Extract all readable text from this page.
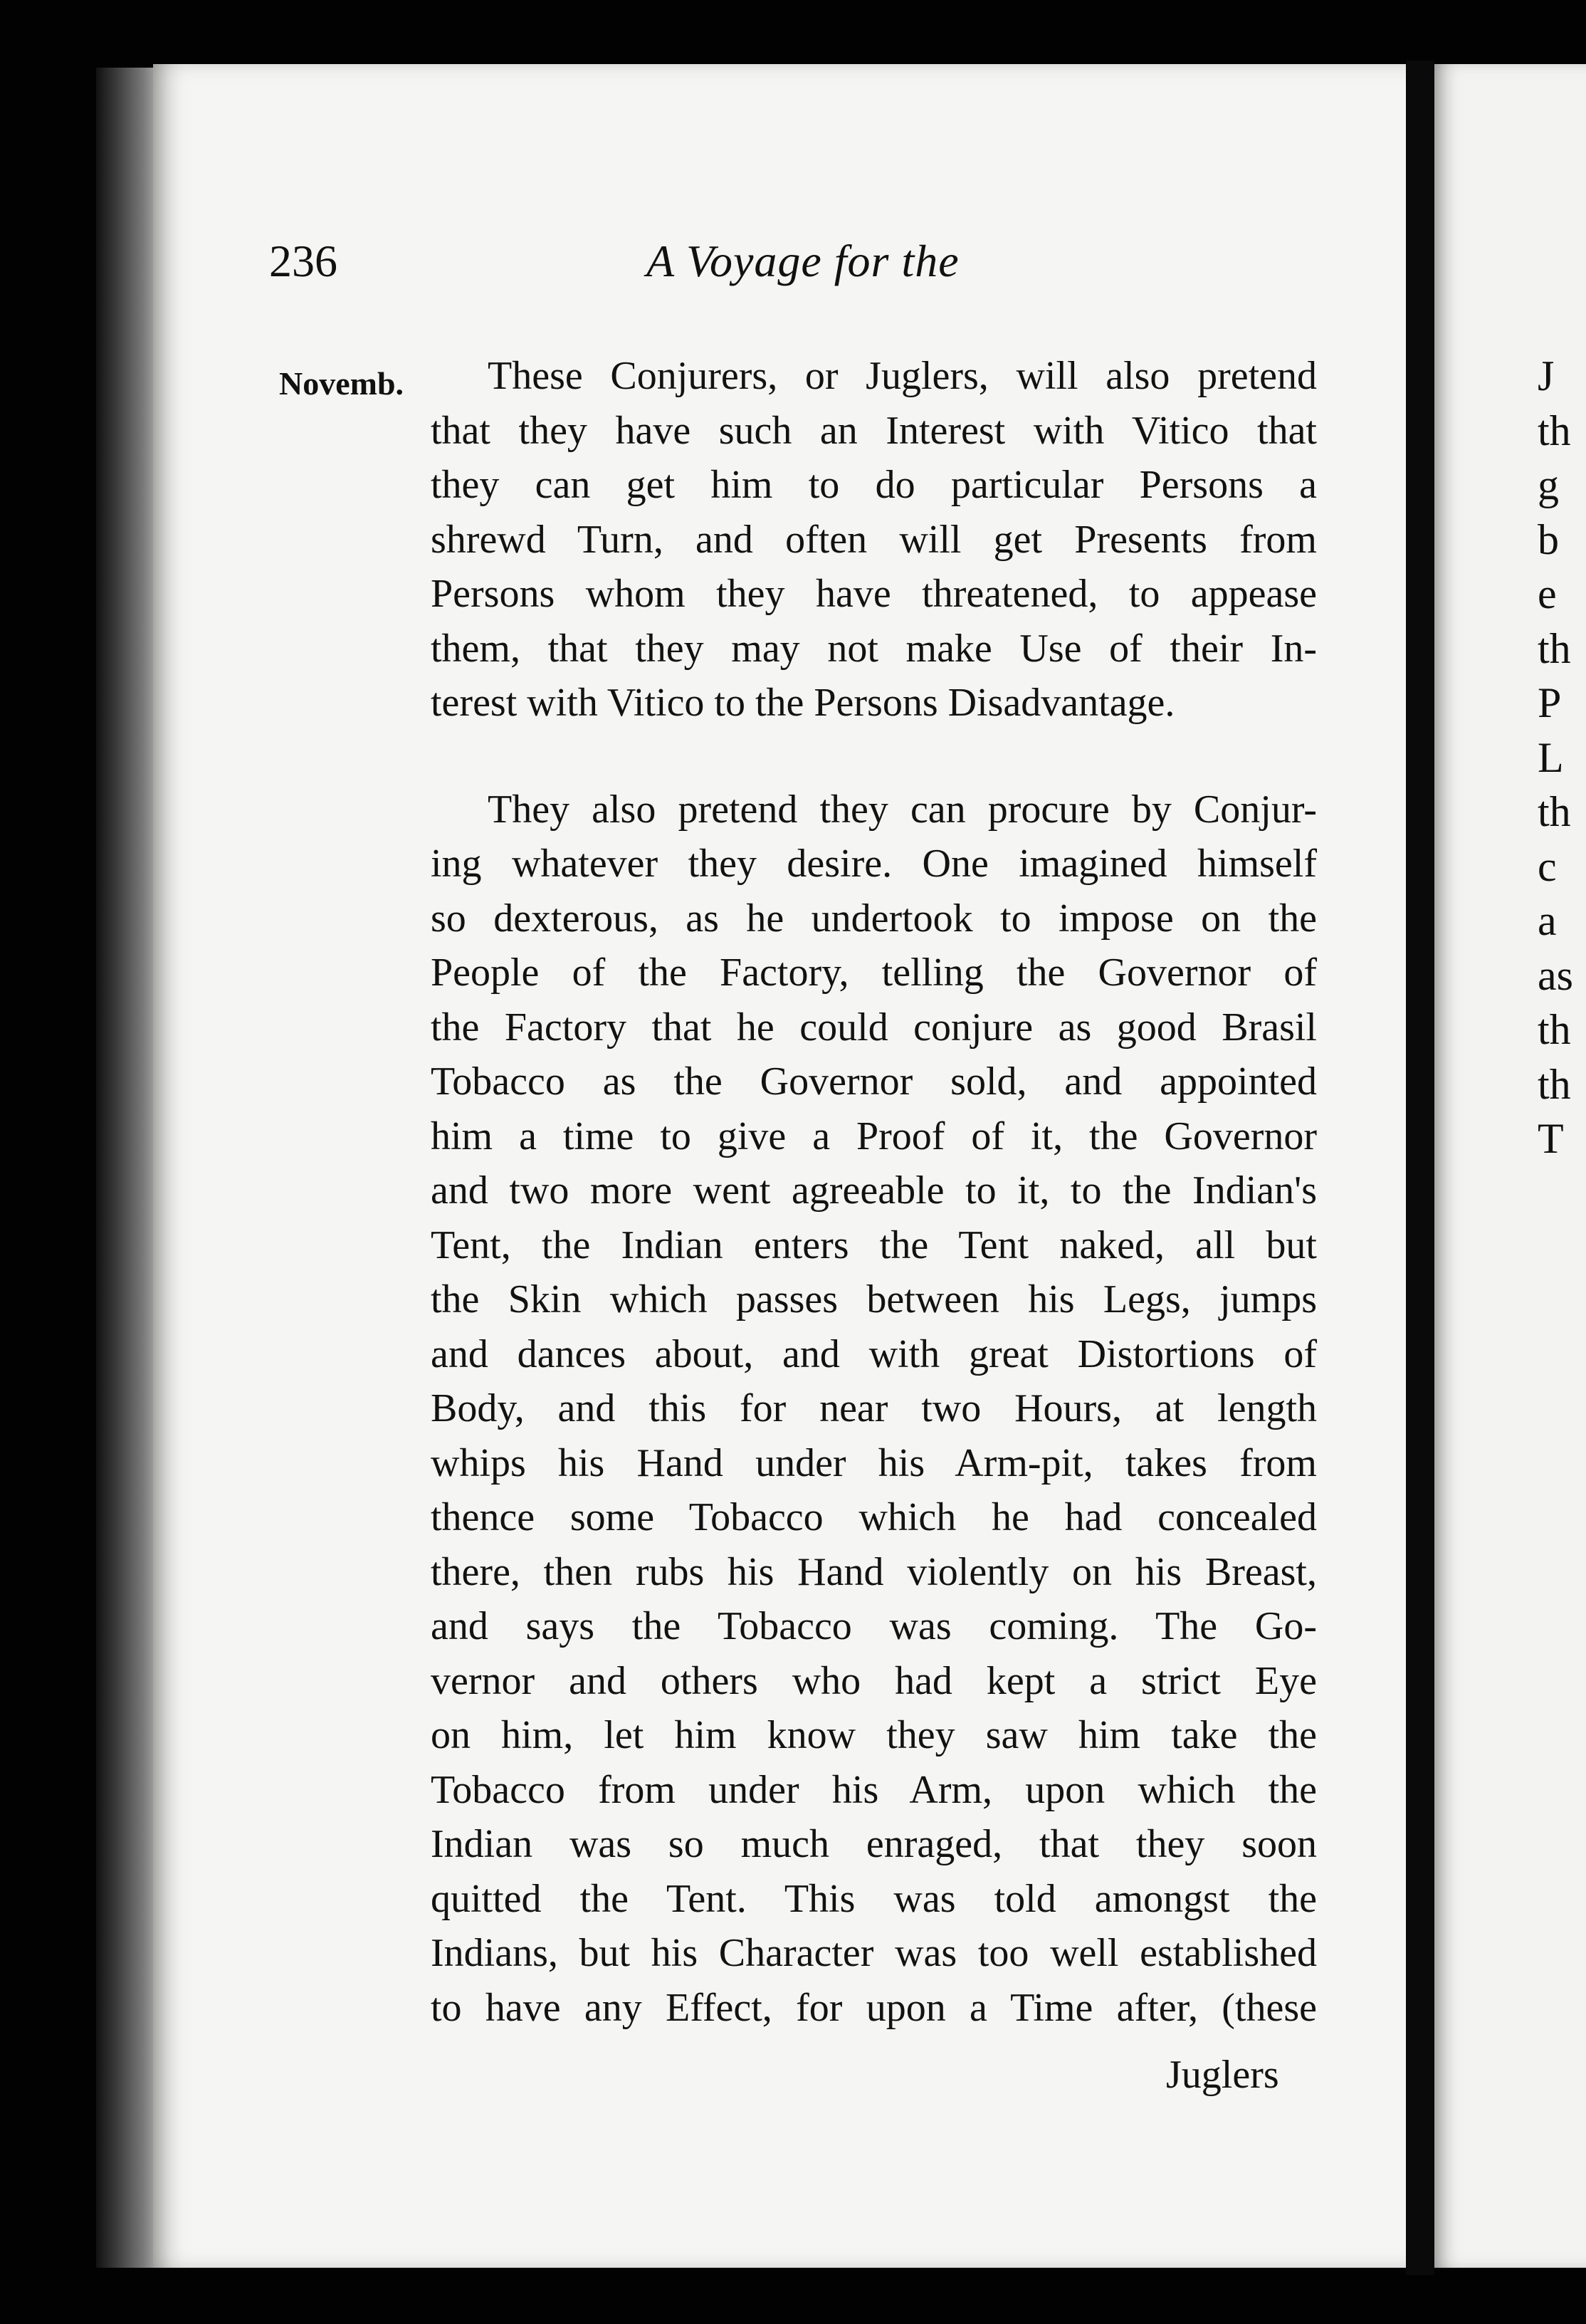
236	A Voyage for the
Novemb.	These Conjurers, or Juglers, will also pretend
that they have such an Interest with Vitico that
they can get him to do particular Persons a
shrewd Turn, and often will get Presents from
Persons whom they have threatened, to appease
them, that they may not make Use of their In-
terest with Vitico to the Persons Disadvantage.
They also pretend they can procure by Conjur-
ing whatever they desire. One imagined himself
so dexterous, as he undertook to impose on the
People of the Factory, telling the Governor of
the Factory that he could conjure as good Brasil
Tobacco as the Governor sold, and appointed
him a time to give a Proof of it, the Governor
and two more went agreeable to it, to the Indian's
Tent, the Indian enters the Tent naked, all but
the Skin which passes between his Legs, jumps
and dances about, and with great Distortions of
Body, and this for near two Hours, at length
whips his Hand under his Arm-pit, takes from
thence some Tobacco which he had concealed
there, then rubs his Hand violently on his Breast,
and says the Tobacco was coming. The Go-
vernor and others who had kept a strict Eye
on him, let him know they saw him take the
Tobacco from under his Arm, upon which the
Indian was so much enraged, that they soon
quitted the Tent. This was told amongst the
Indians, but his Character was too well established
to have any Effect, for upon a Time after, (these
Juglers
J
th
g
b
e
th
P
L
th
c
a
as
th
th
T
